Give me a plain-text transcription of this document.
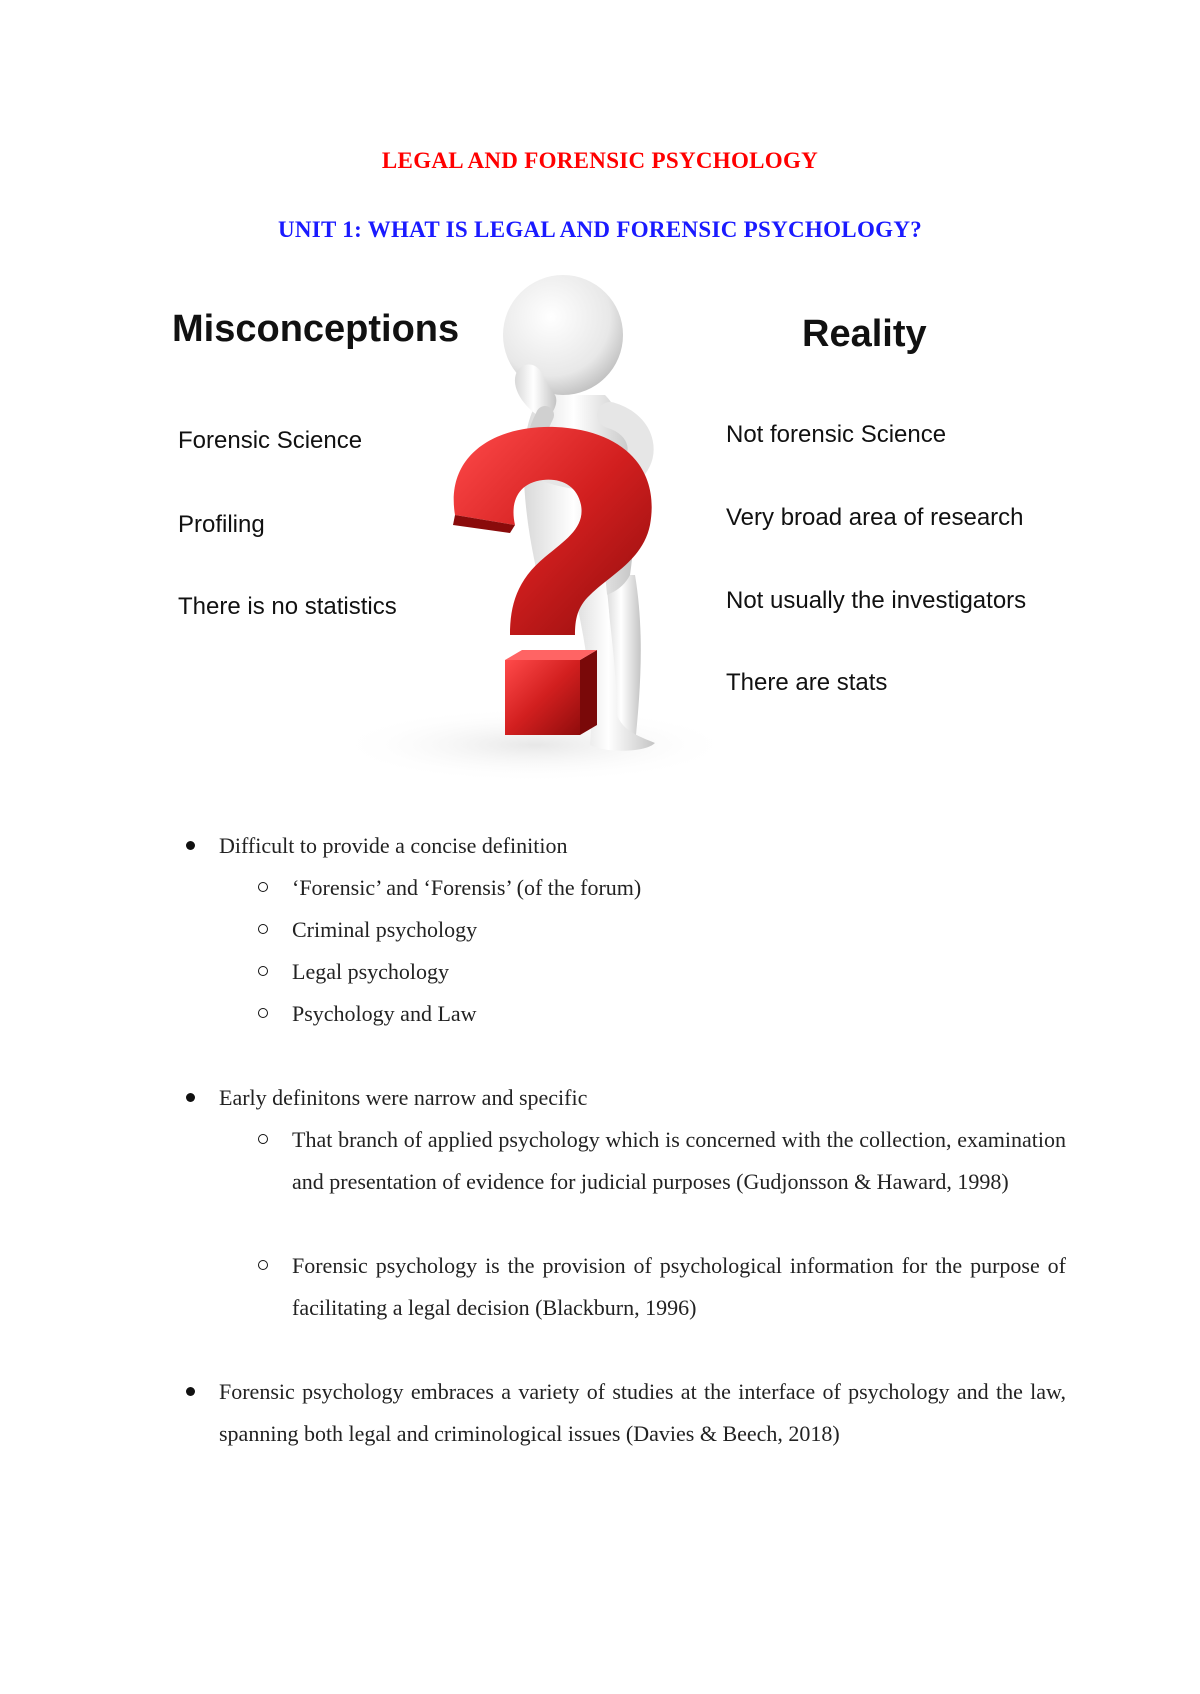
LEGAL AND FORENSIC PSYCHOLOGY
UNIT 1: WHAT IS LEGAL AND FORENSIC PSYCHOLOGY?
Misconceptions	Reality
Forensic Science
Profiling
There is no statistics
Not forensic Science
Very broad area of research
Not usually the investigators
There are stats
Difficult to provide a concise definition
‘Forensic’ and ‘Forensis’ (of the forum)
Criminal psychology
Legal psychology
Psychology and Law
Early definitons were narrow and specific
That branch of applied psychology which is concerned with the collection, examination and presentation of evidence for judicial purposes (Gudjonsson & Haward, 1998)
Forensic psychology is the provision of psychological information for the purpose of facilitating a legal decision (Blackburn, 1996)
Forensic psychology embraces a variety of studies at the interface of psychology and the law, spanning both legal and criminological issues (Davies & Beech, 2018)
